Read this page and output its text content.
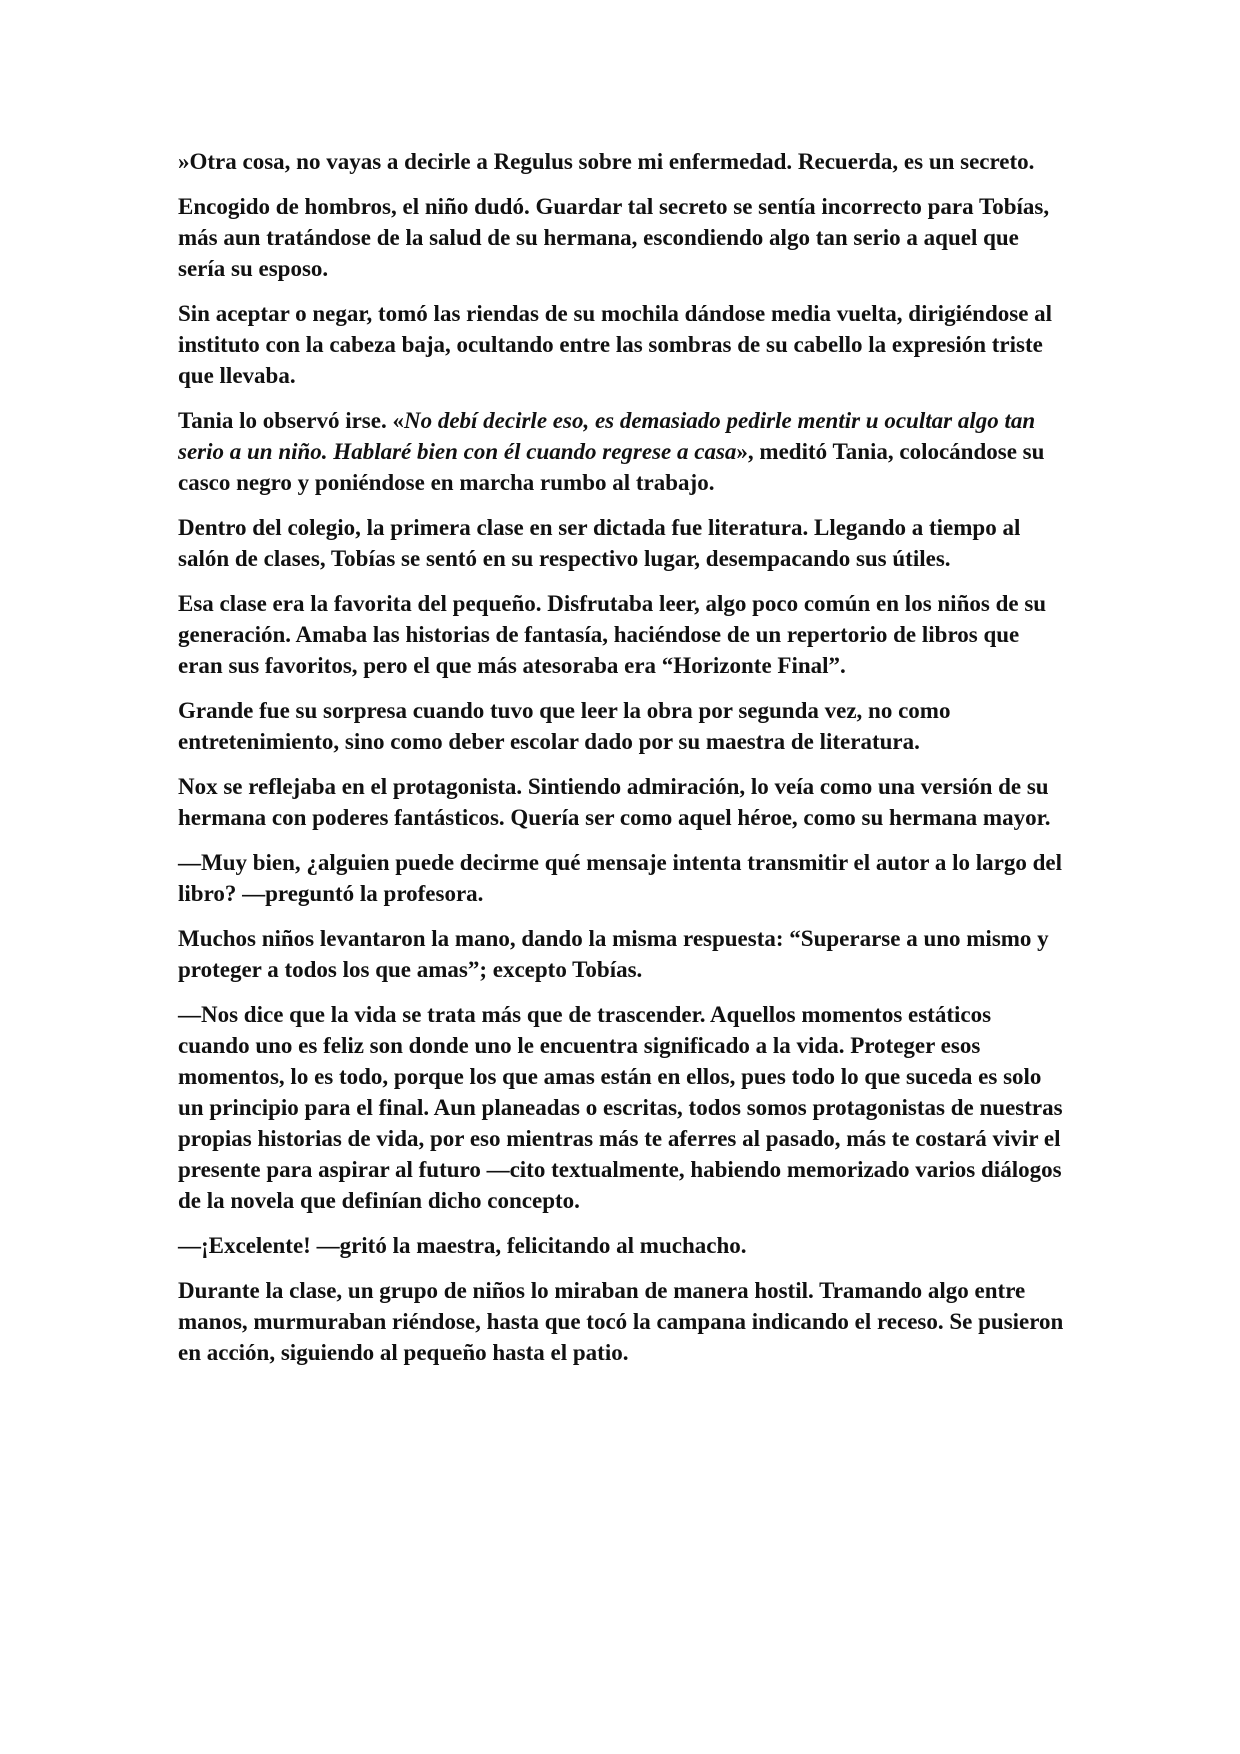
»Otra cosa, no vayas a decirle a Regulus sobre mi enfermedad. Recuerda, es un secreto.

Encogido de hombros, el niño dudó. Guardar tal secreto se sentía incorrecto para Tobías, más aun tratándose de la salud de su hermana, escondiendo algo tan serio a aquel que sería su esposo.

Sin aceptar o negar, tomó las riendas de su mochila dándose media vuelta, dirigiéndose al instituto con la cabeza baja, ocultando entre las sombras de su cabello la expresión triste que llevaba.

Tania lo observó irse. «No debí decirle eso, es demasiado pedirle mentir u ocultar algo tan serio a un niño. Hablaré bien con él cuando regrese a casa», meditó Tania, colocándose su casco negro y poniéndose en marcha rumbo al trabajo.

Dentro del colegio, la primera clase en ser dictada fue literatura. Llegando a tiempo al salón de clases, Tobías se sentó en su respectivo lugar, desempacando sus útiles.

Esa clase era la favorita del pequeño. Disfrutaba leer, algo poco común en los niños de su generación. Amaba las historias de fantasía, haciéndose de un repertorio de libros que eran sus favoritos, pero el que más atesoraba era “Horizonte Final”.

Grande fue su sorpresa cuando tuvo que leer la obra por segunda vez, no como entretenimiento, sino como deber escolar dado por su maestra de literatura.

Nox se reflejaba en el protagonista. Sintiendo admiración, lo veía como una versión de su hermana con poderes fantásticos. Quería ser como aquel héroe, como su hermana mayor.

—Muy bien, ¿alguien puede decirme qué mensaje intenta transmitir el autor a lo largo del libro? —preguntó la profesora.

Muchos niños levantaron la mano, dando la misma respuesta: “Superarse a uno mismo y proteger a todos los que amas”; excepto Tobías.

—Nos dice que la vida se trata más que de trascender. Aquellos momentos estáticos cuando uno es feliz son donde uno le encuentra significado a la vida. Proteger esos momentos, lo es todo, porque los que amas están en ellos, pues todo lo que suceda es solo un principio para el final. Aun planeadas o escritas, todos somos protagonistas de nuestras propias historias de vida, por eso mientras más te aferres al pasado, más te costará vivir el presente para aspirar al futuro —cito textualmente, habiendo memorizado varios diálogos de la novela que definían dicho concepto.

—¡Excelente! —gritó la maestra, felicitando al muchacho.

Durante la clase, un grupo de niños lo miraban de manera hostil. Tramando algo entre manos, murmuraban riéndose, hasta que tocó la campana indicando el receso. Se pusieron en acción, siguiendo al pequeño hasta el patio.
